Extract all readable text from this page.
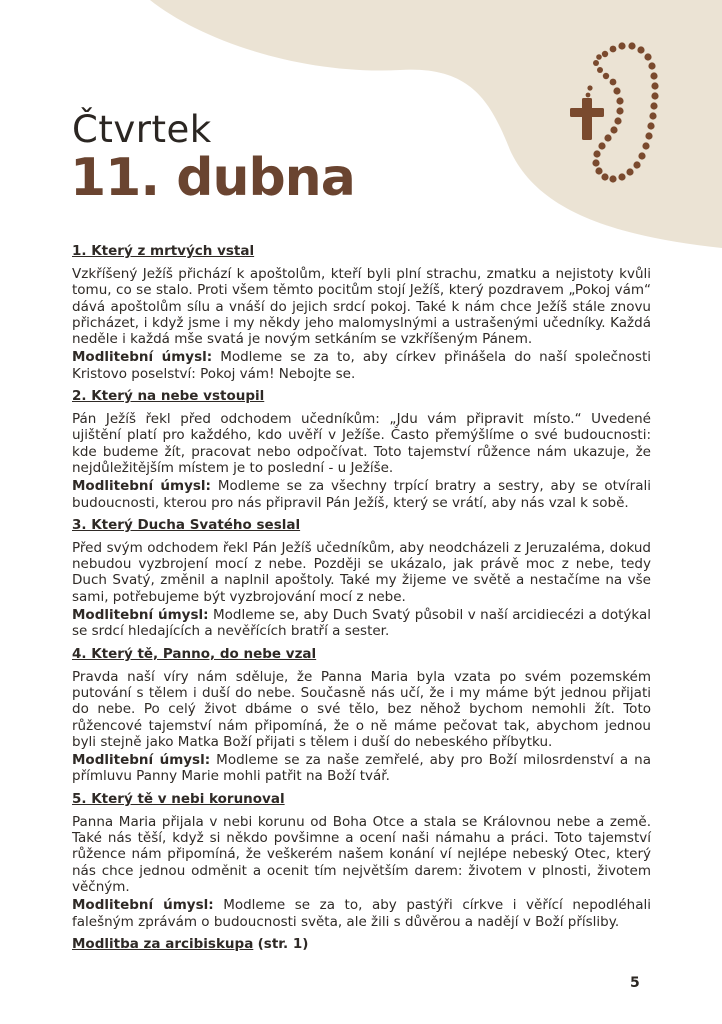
Čtvrtek
11. dubna

1. Který z mrtvých vstal

Vzkříšený Ježíš přichází k apoštolům, kteří byli plní strachu, zmatku a nejistoty kvůli tomu, co se stalo. Proti všem těmto pocitům stojí Ježíš, který pozdravem „Pokoj vám“ dává apoštolům sílu a vnáší do jejich srdcí pokoj. Také k nám chce Ježíš stále znovu přicházet, i když jsme i my někdy jeho malomyslnými a ustrašenými učedníky. Každá neděle i každá mše svatá je novým setkáním se vzkříšeným Pánem.

Modlitební úmysl: Modleme se za to, aby církev přinášela do naší společnosti Kristovo poselství: Pokoj vám! Nebojte se.

2. Který na nebe vstoupil

Pán Ježíš řekl před odchodem učedníkům: „Jdu vám připravit místo.“ Uvedené ujištění platí pro každého, kdo uvěří v Ježíše. Často přemýšlíme o své budoucnosti: kde budeme žít, pracovat nebo odpočívat. Toto tajemství růžence nám ukazuje, že nejdůležitějším místem je to poslední - u Ježíše.

Modlitební úmysl: Modleme se za všechny trpící bratry a sestry, aby se otvírali budoucnosti, kterou pro nás připravil Pán Ježíš, který se vrátí, aby nás vzal k sobě.

3. Který Ducha Svatého seslal

Před svým odchodem řekl Pán Ježíš učedníkům, aby neodcházeli z Jeruzaléma, dokud nebudou vyzbrojení mocí z nebe. Později se ukázalo, jak právě moc z nebe, tedy Duch Svatý, změnil a naplnil apoštoly. Také my žijeme ve světě a nestačíme na vše sami, potřebujeme být vyzbrojování mocí z nebe.

Modlitební úmysl: Modleme se, aby Duch Svatý působil v naší arcidiecézi a dotýkal se srdcí hledajících a nevěřících bratří a sester.

4. Který tě, Panno, do nebe vzal

Pravda naší víry nám sděluje, že Panna Maria byla vzata po svém pozemském putování s tělem i duší do nebe. Současně nás učí, že i my máme být jednou přijati do nebe. Po celý život dbáme o své tělo, bez něhož bychom nemohli žít. Toto růžencové tajemství nám připomíná, že o ně máme pečovat tak, abychom jednou byli stejně jako Matka Boží přijati s tělem i duší do nebeského příbytku.

Modlitební úmysl: Modleme se za naše zemřelé, aby pro Boží milosrdenství a na přímluvu Panny Marie mohli patřit na Boží tvář.

5. Který tě v nebi korunoval

Panna Maria přijala v nebi korunu od Boha Otce a stala se Královnou nebe a země. Také nás těší, když si někdo povšimne a ocení naši námahu a práci. Toto tajemství růžence nám připomíná, že veškerém našem konání ví nejlépe nebeský Otec, který nás chce jednou odměnit a ocenit tím největším darem: životem v plnosti, životem věčným.

Modlitební úmysl: Modleme se za to, aby pastýři církve i věřící nepodléhali falešným zprávám o budoucnosti světa, ale žili s důvěrou a nadějí v Boží přísliby.

Modlitba za arcibiskupa (str. 1)

5
